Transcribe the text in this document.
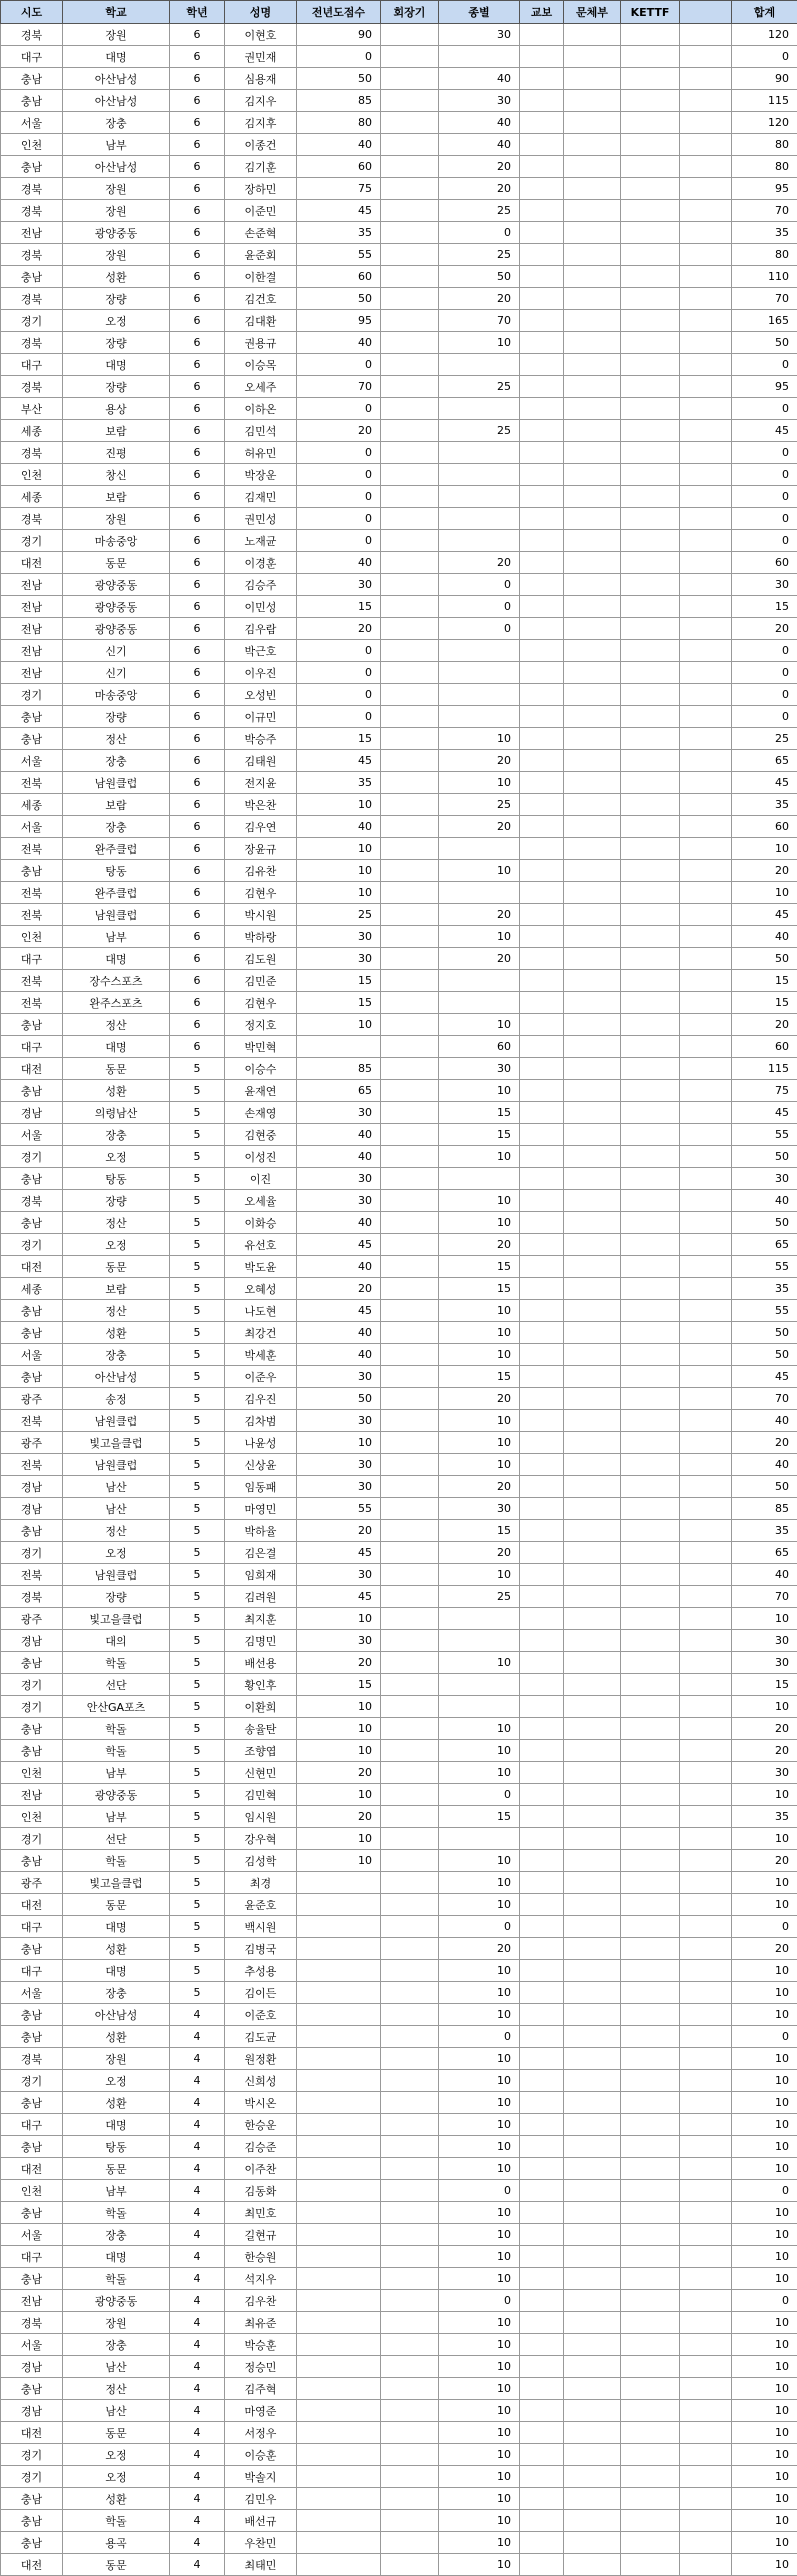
시도	학교	학년	성명	전년도점수	회장기	종별	교보	문체부	KETTF		합계
경북	장원	6	이현호	90		30					120
대구	대명	6	권민재	0							0
충남	아산남성	6	심용재	50		40					90
충남	아산남성	6	김지우	85		30					115
서울	장충	6	김지후	80		40					120
인천	남부	6	이종건	40		40					80
충남	아산남성	6	김기훈	60		20					80
경북	장원	6	장하민	75		20					95
경북	장원	6	이준민	45		25					70
전남	광양중동	6	손준혁	35		0					35
경북	장원	6	윤준회	55		25					80
충남	성환	6	이한결	60		50					110
경북	장량	6	김건호	50		20					70
경기	오정	6	김대환	95		70					165
경북	장량	6	권용규	40		10					50
대구	대명	6	이승목	0							0
경북	장량	6	오세주	70		25					95
부산	용상	6	이하온	0							0
세종	보람	6	김민석	20		25					45
경북	진평	6	허유민	0							0
인천	창신	6	박장운	0							0
세종	보람	6	김재민	0							0
경북	장원	6	권민성	0							0
경기	마송중앙	6	노재균	0							0
대전	동문	6	이경훈	40		20					60
전남	광양중동	6	김승주	30		0					30
전남	광양중동	6	이민성	15		0					15
전남	광양중동	6	김우람	20		0					20
전남	신기	6	박근호	0							0
전남	신기	6	이우진	0							0
경기	마송중앙	6	오성빈	0							0
충남	장량	6	이규민	0							0
충남	정산	6	박승주	15		10					25
서울	장충	6	김태원	45		20					65
전북	남원클럽	6	전지윤	35		10					45
세종	보람	6	박은찬	10		25					35
서울	장충	6	김우연	40		20					60
전북	완주클럽	6	장윤규	10							10
충남	탕동	6	김유찬	10		10					20
전북	완주클럽	6	김현우	10							10
전북	남원클럽	6	박시원	25		20					45
인천	남부	6	박하랑	30		10					40
대구	대명	6	김도원	30		20					50
전북	장수스포츠	6	김민준	15							15
전북	완주스포츠	6	김현우	15							15
충남	정산	6	정지호	10		10					20
대구	대명	6	박민혁			60					60
대전	동문	5	이승수	85		30					115
충남	성환	5	윤재연	65		10					75
경남	의령남산	5	손재영	30		15					45
서울	장충	5	김현중	40		15					55
경기	오정	5	이성진	40		10					50
충남	탕동	5	이진	30							30
경북	장량	5	오세율	30		10					40
충남	정산	5	이화승	40		10					50
경기	오정	5	유선호	45		20					65
대전	동문	5	박도윤	40		15					55
세종	보람	5	오혜성	20		15					35
충남	정산	5	나도현	45		10					55
충남	성환	5	최강건	40		10					50
서울	장충	5	박세훈	40		10					50
충남	아산남성	5	이준우	30		15					45
광주	송정	5	김우진	50		20					70
전북	남원클럽	5	김차범	30		10					40
광주	빛고을클럽	5	나윤성	10		10					20
전북	남원클럽	5	신상윤	30		10					40
경남	남산	5	임동패	30		20					50
경남	남산	5	마영민	55		30					85
충남	정산	5	박하율	20		15					35
경기	오정	5	김은결	45		20					65
전북	남원클럽	5	임희재	30		10					40
경북	장량	5	김려원	45		25					70
광주	빛고을클럽	5	최지훈	10							10
경남	대의	5	김명민	30							30
충남	학돌	5	배선용	20		10					30
경기	선단	5	황인후	15							15
경기	안산GA포츠	5	이환희	10							10
충남	학돌	5	송율탄	10		10					20
충남	학돌	5	조향엽	10		10					20
인천	남부	5	신현민	20		10					30
전남	광양중동	5	김민혁	10		0					10
인천	남부	5	임시원	20		15					35
경기	선단	5	강우혁	10							10
충남	학돌	5	김성학	10		10					20
광주	빛고을클럽	5	최경			10					10
대전	동문	5	윤준호			10					10
대구	대명	5	백시원			0					0
충남	성환	5	김병국			20					20
대구	대명	5	추성용			10					10
서울	장충	5	김이든			10					10
충남	아산남성	4	이준호			10					10
충남	성환	4	김도균			0					0
경북	장원	4	원정환			10					10
경기	오정	4	신희성			10					10
충남	성환	4	박시온			10					10
대구	대명	4	한승운			10					10
충남	탕동	4	김승준			10					10
대전	동문	4	이주찬			10					10
인천	남부	4	김동화			0					0
충남	학돌	4	최민호			10					10
서울	장충	4	길현규			10					10
대구	대명	4	한승원			10					10
충남	학돌	4	석지우			10					10
전남	광양중동	4	김우찬			0					0
경북	장원	4	최유준			10					10
서울	장충	4	박승훈			10					10
경남	남산	4	정승민			10					10
충남	정산	4	김주혁			10					10
경남	남산	4	마영준			10					10
대전	동문	4	서정우			10					10
경기	오정	4	이승훈			10					10
경기	오정	4	박솔지			10					10
충남	성환	4	김민우			10					10
충남	학돌	4	배선규			10					10
충남	용곡	4	우찬민			10					10
대전	동문	4	최태민			10					10
